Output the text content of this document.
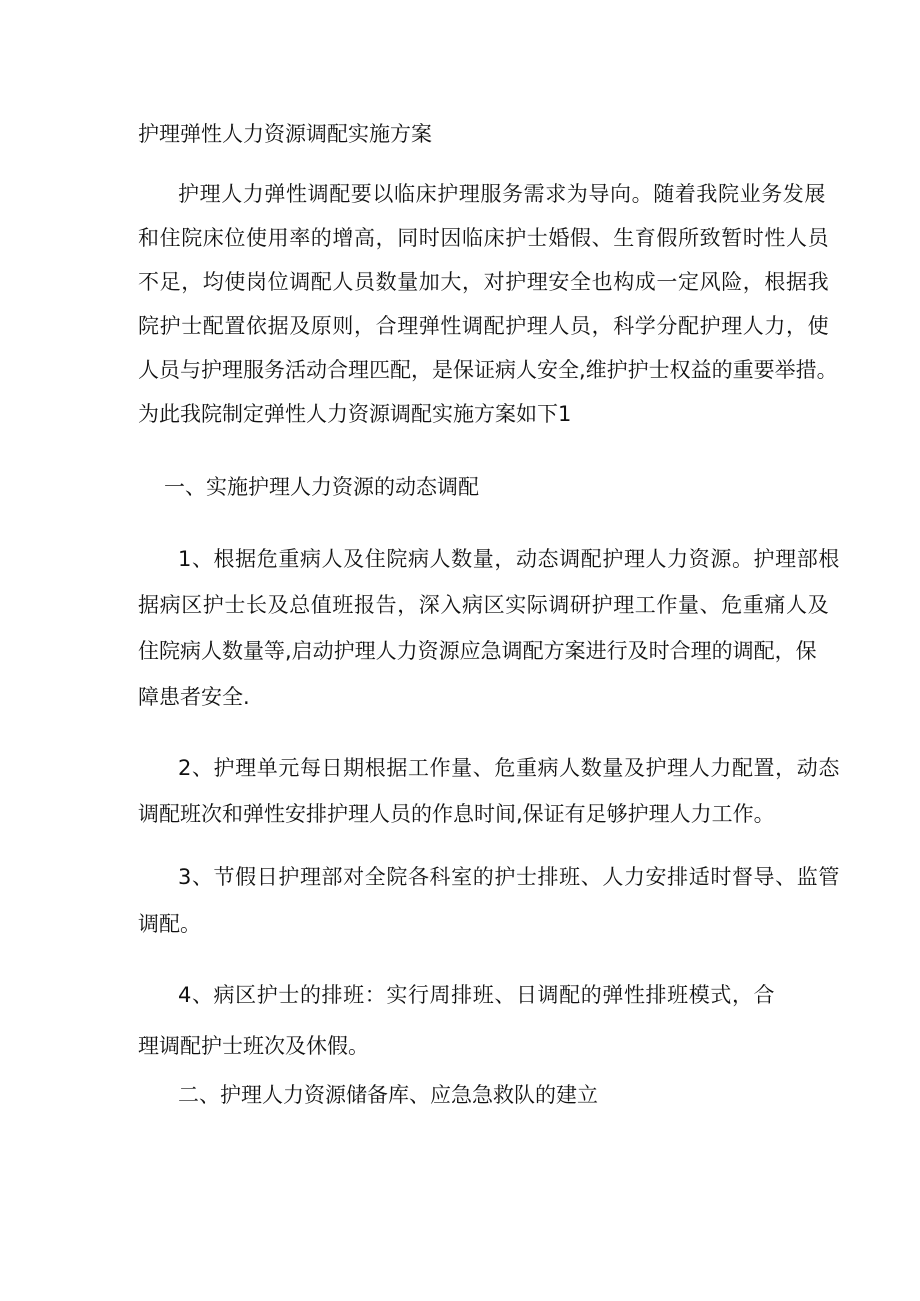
护理弹性人力资源调配实施方案
护理人力弹性调配要以临床护理服务需求为导向。随着我院业务发展
和住院床位使用率的增高，同时因临床护士婚假、生育假所致暂时性人员
不足，均使岗位调配人员数量加大，对护理安全也构成一定风险，根据我
院护士配置依据及原则，合理弹性调配护理人员，科学分配护理人力，使
人员与护理服务活动合理匹配，是保证病人安全,维护护士权益的重要举措。
为此我院制定弹性人力资源调配实施方案如下1
一、实施护理人力资源的动态调配
1、根据危重病人及住院病人数量，动态调配护理人力资源。护理部根
据病区护士长及总值班报告，深入病区实际调研护理工作量、危重痛人及
住院病人数量等,启动护理人力资源应急调配方案进行及时合理的调配，保
障患者安全.
2、护理单元每日期根据工作量、危重病人数量及护理人力配置，动态
调配班次和弹性安排护理人员的作息时间,保证有足够护理人力工作。
3、节假日护理部对全院各科室的护士排班、人力安排适时督导、监管
调配。
4、病区护士的排班：实行周排班、日调配的弹性排班模式，合
理调配护士班次及休假。
二、护理人力资源储备库、应急急救队的建立
